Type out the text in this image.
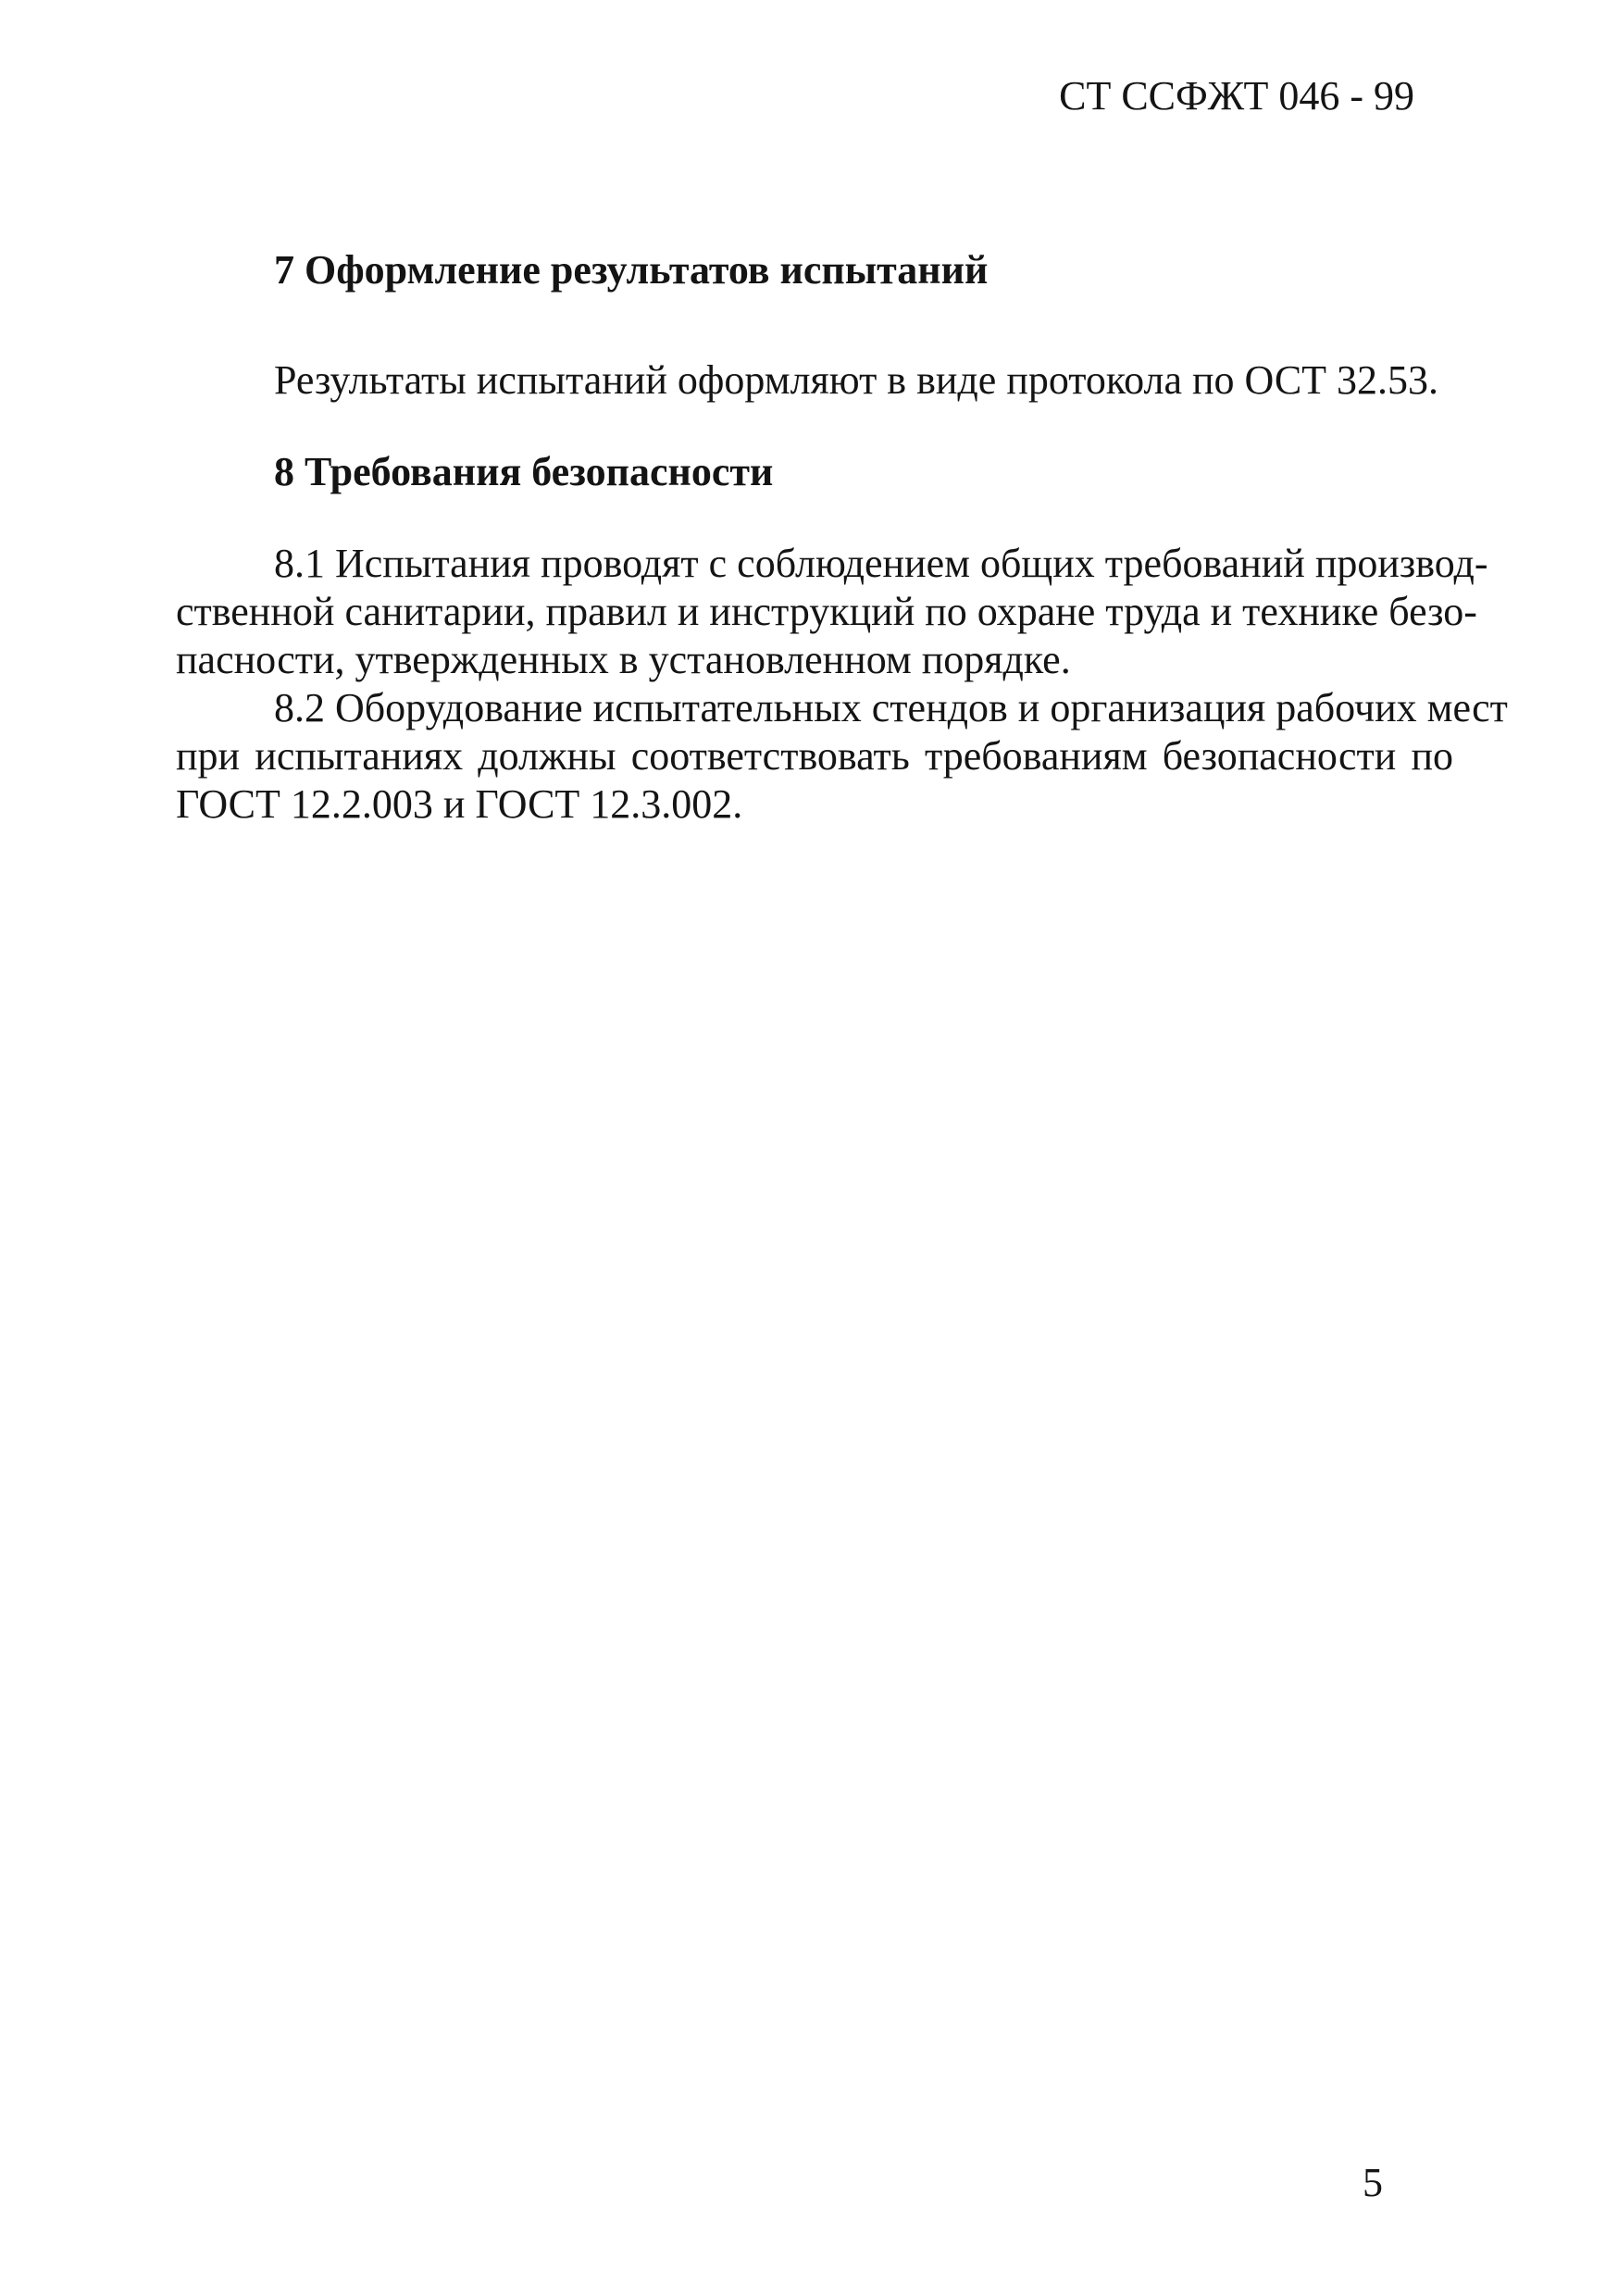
СТ ССФЖТ 046 - 99
7 Оформление результатов испытаний
Результаты испытаний оформляют в виде протокола по ОСТ 32.53.
8 Требования безопасности
8.1 Испытания проводят с соблюдением общих требований производ-
ственной санитарии, правил и инструкций по охране труда и технике безо-
пасности, утвержденных в установленном порядке.
8.2 Оборудование испытательных стендов и организация рабочих мест
при испытаниях должны соответствовать требованиям безопасности по
ГОСТ 12.2.003 и ГОСТ 12.3.002.
5
